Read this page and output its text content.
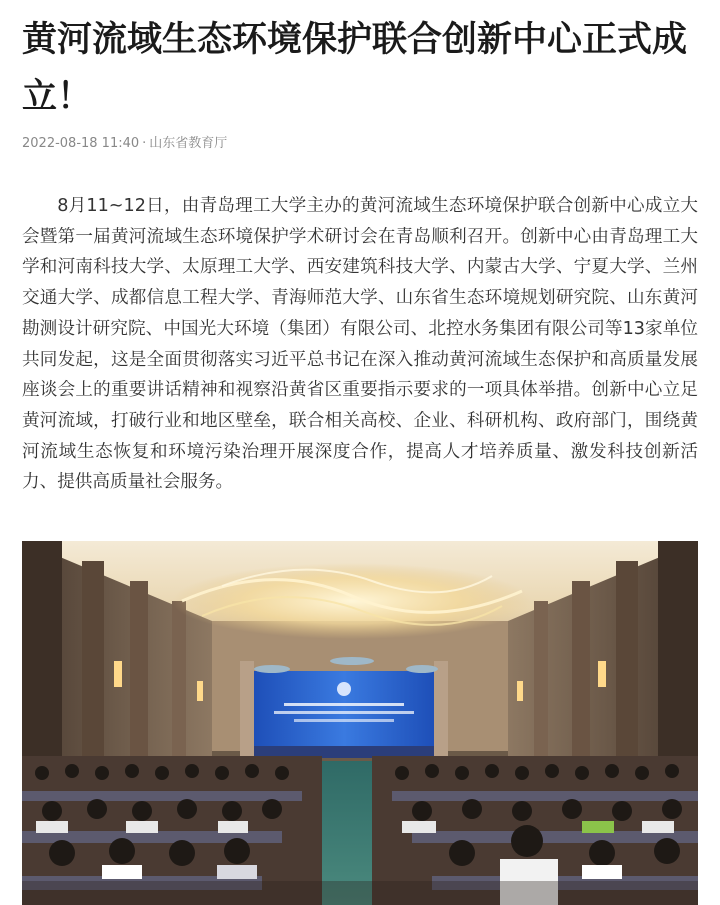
黄河流域生态环境保护联合创新中心正式成立！
2022-08-18 11:40 · 山东省教育厅

8月11~12日，由青岛理工大学主办的黄河流域生态环境保护联合创新中心成立大会暨第一届黄河流域生态环境保护学术研讨会在青岛顺利召开。创新中心由青岛理工大学和河南科技大学、太原理工大学、西安建筑科技大学、内蒙古大学、宁夏大学、兰州交通大学、成都信息工程大学、青海师范大学、山东省生态环境规划研究院、山东黄河勘测设计研究院、中国光大环境（集团）有限公司、北控水务集团有限公司等13家单位共同发起，这是全面贯彻落实习近平总书记在深入推动黄河流域生态保护和高质量发展座谈会上的重要讲话精神和视察沿黄省区重要指示要求的一项具体举措。创新中心立足黄河流域，打破行业和地区壁垒，联合相关高校、企业、科研机构、政府部门，围绕黄河流域生态恢复和环境污染治理开展深度合作，提高人才培养质量、激发科技创新活力、提供高质量社会服务。
